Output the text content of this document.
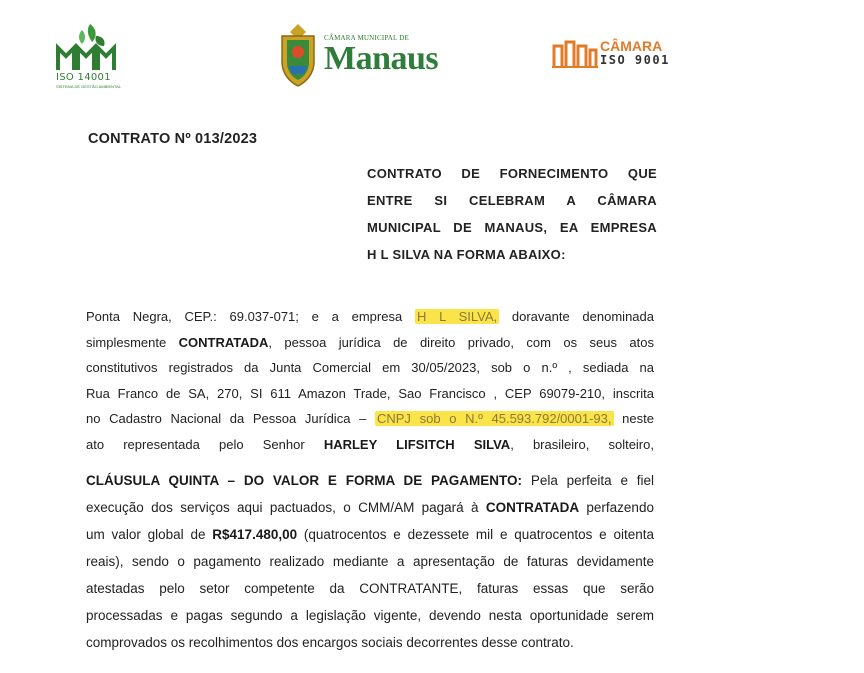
ISO 14001
SISTEMA DE GESTÃO AMBIENTAL
CÂMARA MUNICIPAL DE
Manaus	CÂMARA
ISO 9001
CONTRATO Nº 013/2023
CONTRATO DE FORNECIMENTO QUE
ENTRE SI CELEBRAM A CÂMARA
MUNICIPAL DE MANAUS, EA EMPRESA
H L SILVA NA FORMA ABAIXO:
Ponta Negra, CEP.: 69.037-071; e a empresa H L SILVA, doravante denominada
simplesmente CONTRATADA, pessoa jurídica de direito privado, com os seus atos
constitutivos registrados da Junta Comercial em 30/05/2023, sob o n.º , sediada na
Rua Franco de SA, 270, SI 611 Amazon Trade, Sao Francisco , CEP 69079-210, inscrita
no Cadastro Nacional da Pessoa Jurídica – CNPJ sob o N.º 45.593.792/0001-93, neste
ato representada pelo Senhor HARLEY LIFSITCH SILVA, brasileiro, solteiro,
CLÁUSULA QUINTA – DO VALOR E FORMA DE PAGAMENTO: Pela perfeita e fiel
execução dos serviços aqui pactuados, o CMM/AM pagará à CONTRATADA perfazendo
um valor global de R$417.480,00 (quatrocentos e dezessete mil e quatrocentos e oitenta
reais), sendo o pagamento realizado mediante a apresentação de faturas devidamente
atestadas pelo setor competente da CONTRATANTE, faturas essas que serão
processadas e pagas segundo a legislação vigente, devendo nesta oportunidade serem
comprovados os recolhimentos dos encargos sociais decorrentes desse contrato.
